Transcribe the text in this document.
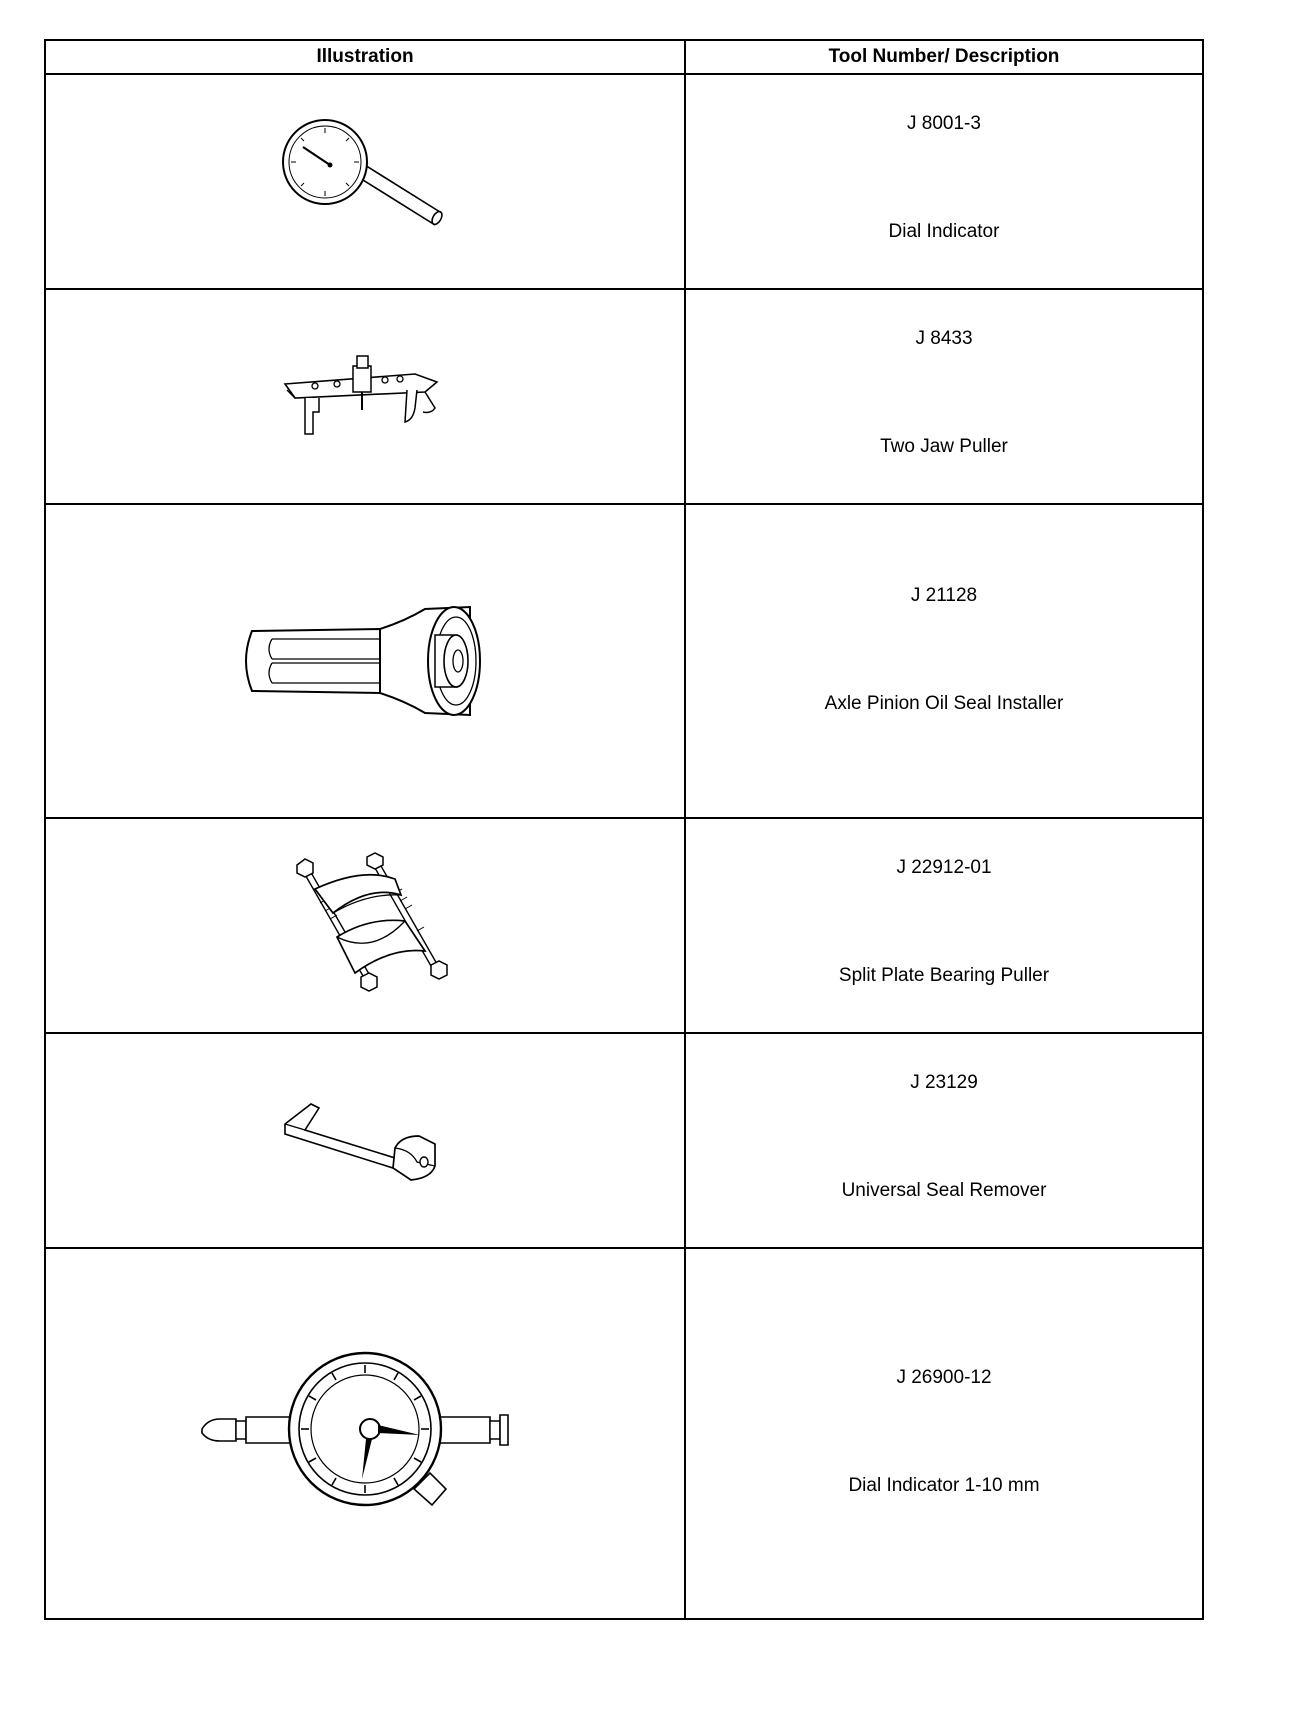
Illustration	Tool Number/ Description

J 8001-3
Dial Indicator

J 8433
Two Jaw Puller

J 21128
Axle Pinion Oil Seal Installer

J 22912-01
Split Plate Bearing Puller

J 23129
Universal Seal Remover

J 26900-12
Dial Indicator 1-10 mm
